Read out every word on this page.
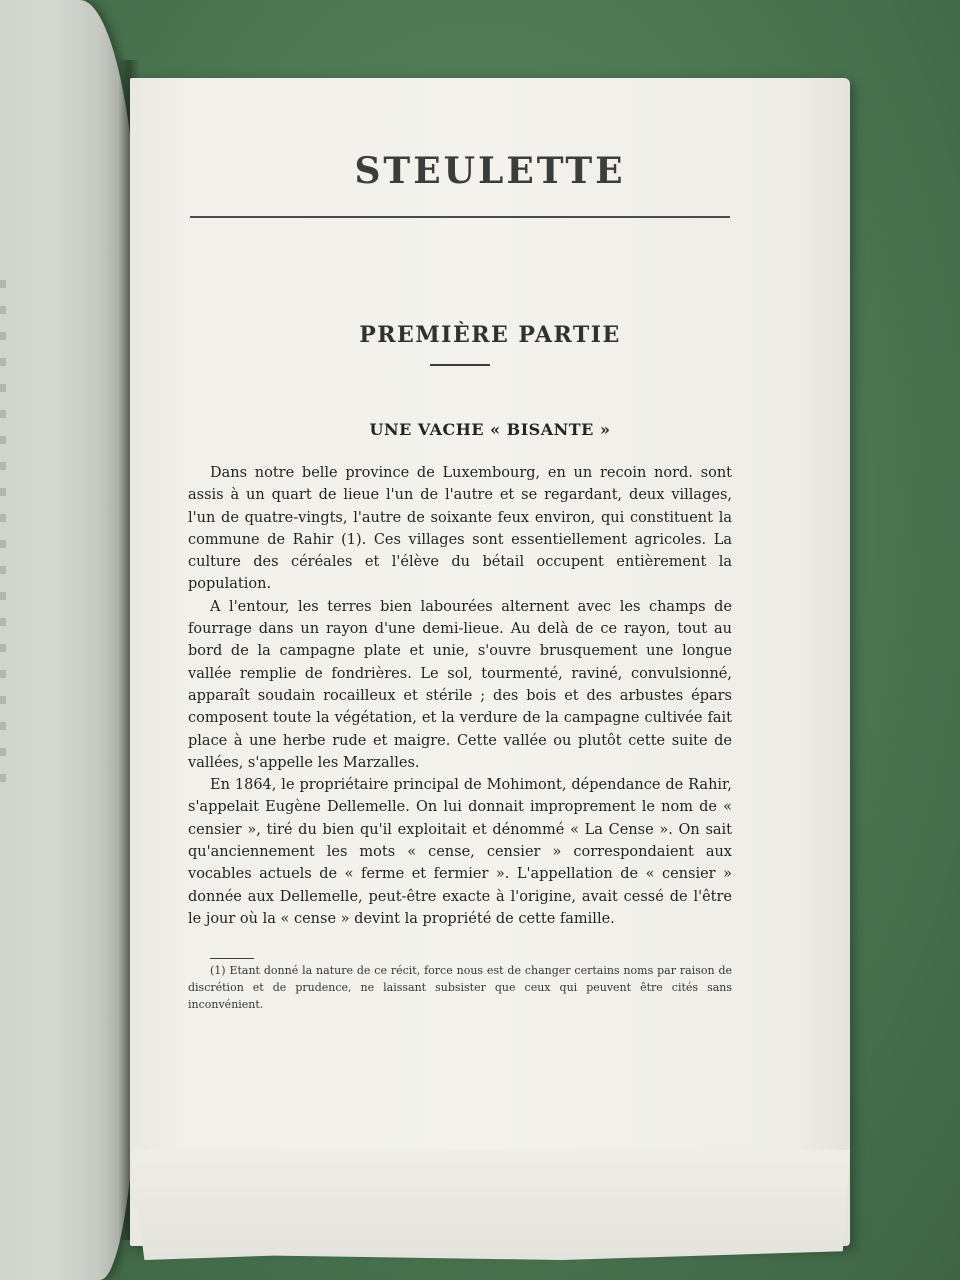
STEULETTE
PREMIÈRE PARTIE
UNE VACHE « BISANTE »

Dans notre belle province de Luxembourg, en un recoin nord. sont assis à un quart de lieue l'un de l'autre et se regardant, deux villages, l'un de quatre-vingts, l'autre de soixante feux environ, qui constituent la commune de Rahir (1). Ces villages sont essentiellement agricoles. La culture des céréales et l'élève du bétail occupent entièrement la population.

A l'entour, les terres bien labourées alternent avec les champs de fourrage dans un rayon d'une demi-lieue. Au delà de ce rayon, tout au bord de la campagne plate et unie, s'ouvre brusquement une longue vallée remplie de fondrières. Le sol, tourmenté, raviné, convulsionné, apparaît soudain rocailleux et stérile ; des bois et des arbustes épars composent toute la végétation, et la verdure de la campagne cultivée fait place à une herbe rude et maigre. Cette vallée ou plutôt cette suite de vallées, s'appelle les Marzalles.

En 1864, le propriétaire principal de Mohimont, dépendance de Rahir, s'appelait Eugène Dellemelle. On lui donnait improprement le nom de « censier », tiré du bien qu'il exploitait et dénommé « La Cense ». On sait qu'anciennement les mots « cense, censier » correspondaient aux vocables actuels de « ferme et fermier ». L'appellation de « censier » donnée aux Dellemelle, peut-être exacte à l'origine, avait cessé de l'être le jour où la « cense » devint la propriété de cette famille.

(1) Etant donné la nature de ce récit, force nous est de changer certains noms par raison de discrétion et de prudence, ne laissant subsister que ceux qui peuvent être cités sans inconvénient.
